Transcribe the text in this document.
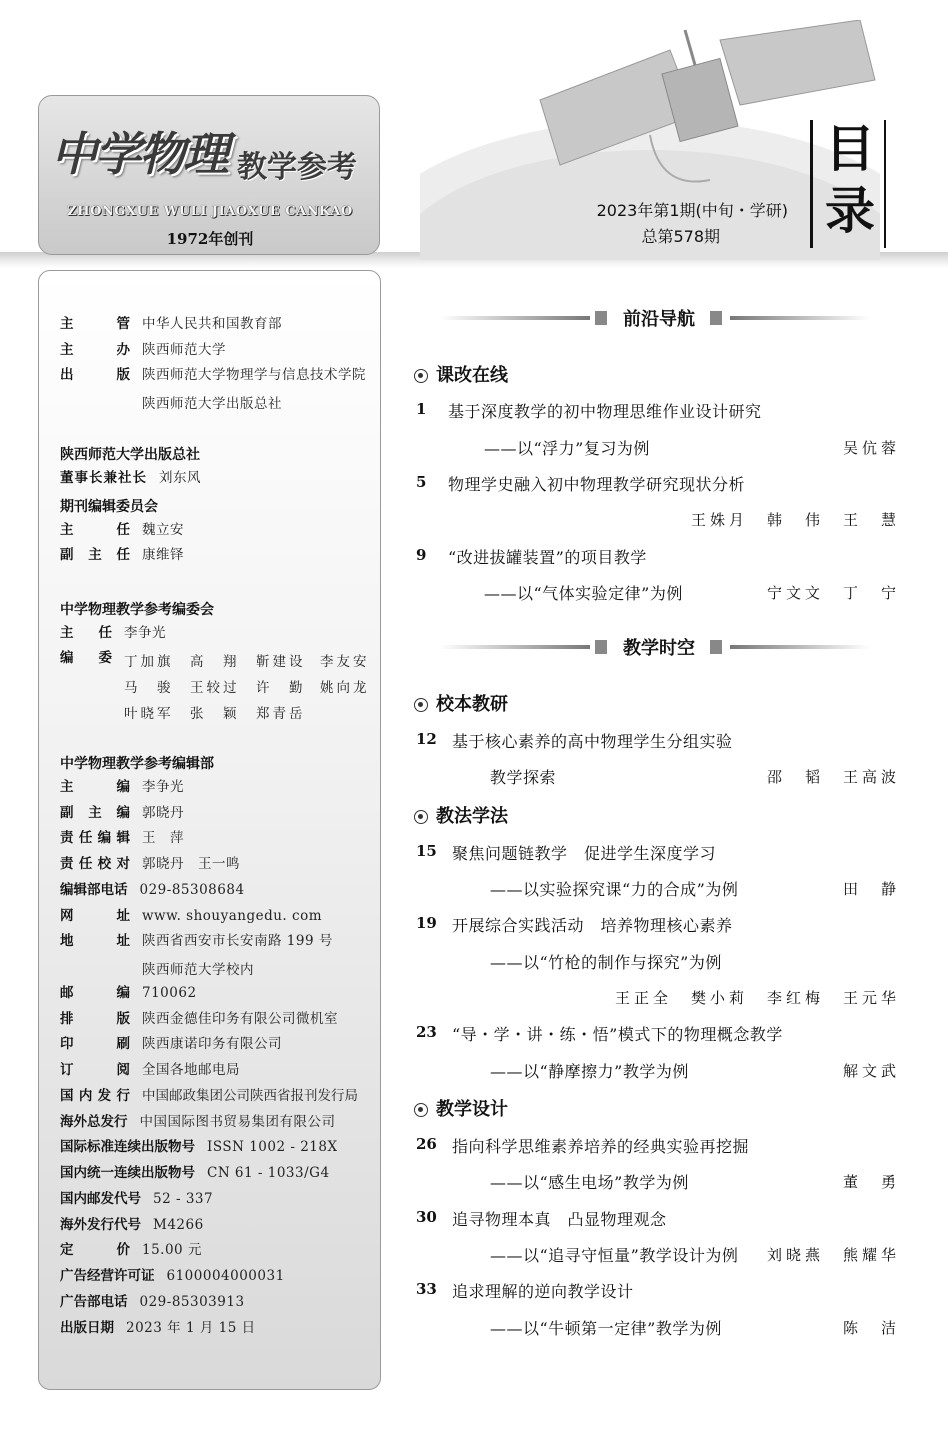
中学物理 教学参考
ZHONGXUE WULI JIAOXUE CANKAO
1972年创刊
2023年第1期(中旬・学研)
总第578期
目
录
主　管 中华人民共和国教育部
主　办 陕西师范大学
出　版 陕西师范大学物理学与信息技术学院
陕西师范大学出版总社
陕西师范大学出版总社
董事长兼社长 刘东风
期刊编辑委员会
主　任 魏立安
副主任 康维铎
中学物理教学参考编委会
主　任 李争光
编　委 丁加旗 高　翔 靳建设 李友安
马　骏 王较过 许　勤 姚向龙
叶晓军 张　颖 郑青岳
中学物理教学参考编辑部
主　编 李争光
副主编 郭晓丹
责任编辑 王　萍
责任校对 郭晓丹　王一鸣
编辑部电话 029-85308684
网　址 www. shouyangedu. com
地　址 陕西省西安市长安南路 199 号
陕西师范大学校内
邮　编 710062
排　版 陕西金德佳印务有限公司微机室
印　刷 陕西康诺印务有限公司
订　阅 全国各地邮电局
国内发行 中国邮政集团公司陕西省报刊发行局
海外总发行 中国国际图书贸易集团有限公司
国际标准连续出版物号 ISSN 1002 - 218X
国内统一连续出版物号 CN 61 - 1033/G4
国内邮发代号 52 - 337
海外发行代号 M4266
定　价 15.00 元
广告经营许可证 6100004000031
广告部电话 029-85303913
出版日期 2023 年 1 月 15 日
前沿导航
课改在线
1 基于深度教学的初中物理思维作业设计研究
——以“浮力”复习为例	吴伉蓉
5 物理学史融入初中物理教学研究现状分析
王姝月　韩　伟　王　慧
9 “改进拔罐装置”的项目教学
——以“气体实验定律”为例	宁文文　丁　宁
教学时空
校本教研
12 基于核心素养的高中物理学生分组实验
教学探索	邵　韬　王高波
教法学法
15 聚焦问题链教学　促进学生深度学习
——以实验探究课“力的合成”为例	田　静
19 开展综合实践活动　培养物理核心素养
——以“竹枪的制作与探究”为例
王正全　樊小莉　李红梅　王元华
23 “导・学・讲・练・悟”模式下的物理概念教学
——以“静摩擦力”教学为例	解文武
教学设计
26 指向科学思维素养培养的经典实验再挖掘
——以“感生电场”教学为例	董　勇
30 追寻物理本真　凸显物理观念
——以“追寻守恒量”教学设计为例 刘晓燕　熊耀华
33 追求理解的逆向教学设计
——以“牛顿第一定律”教学为例	陈　洁
